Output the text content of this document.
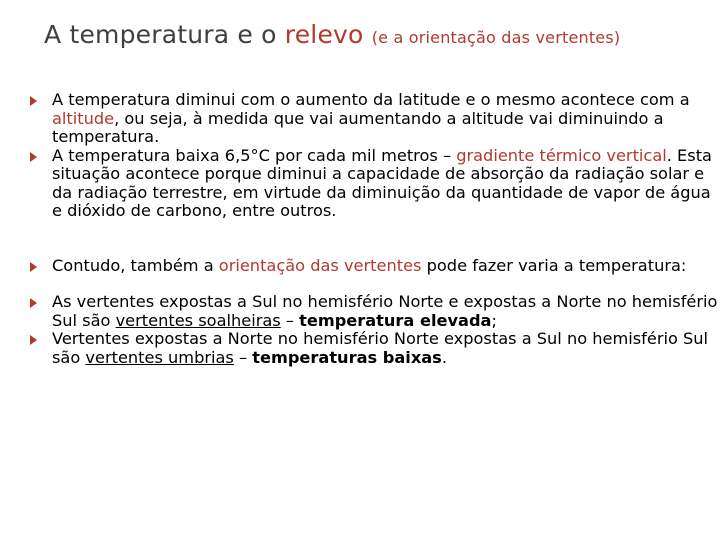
A temperatura e o relevo (e a orientação das vertentes)
A temperatura diminui com o aumento da latitude e o mesmo acontece com a altitude, ou seja, à medida que vai aumentando a altitude vai diminuindo a temperatura.
A temperatura baixa 6,5°C por cada mil metros – gradiente térmico vertical. Esta situação acontece porque diminui a capacidade de absorção da radiação solar e da radiação terrestre, em virtude da diminuição da quantidade de vapor de água e dióxido de carbono, entre outros.
Contudo, também a orientação das vertentes pode fazer varia a temperatura:
As vertentes expostas a Sul no hemisfério Norte e expostas a Norte no hemisfério Sul são vertentes soalheiras – temperatura elevada;
Vertentes expostas a Norte no hemisfério Norte expostas a Sul no hemisfério Sul são vertentes umbrias – temperaturas baixas.
